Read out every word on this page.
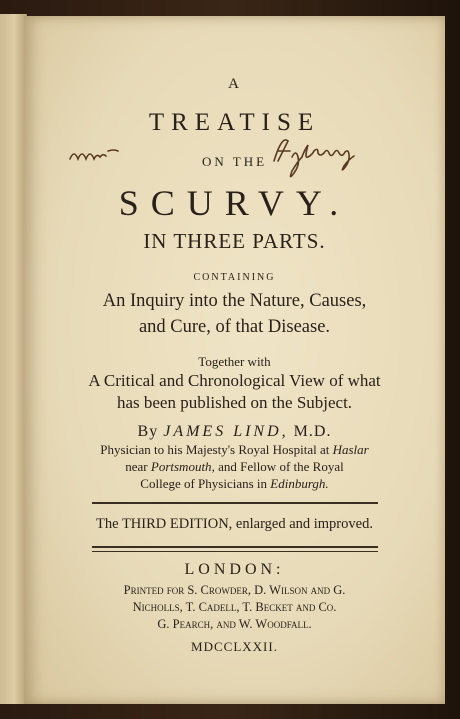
A
TREATISE
ON THE
SCURVY.
IN THREE PARTS.
CONTAINING
An Inquiry into the Nature, Causes,
and Cure, of that Disease.
Together with
A Critical and Chronological View of what
has been published on the Subject.
By JAMES LIND, M.D.
Physician to his Majesty's Royal Hospital at Haslar
near Portsmouth, and Fellow of the Royal
College of Physicians in Edinburgh.
The THIRD EDITION, enlarged and improved.
LONDON:
Printed for S. Crowder, D. Wilson and G.
Nicholls, T. Cadell, T. Becket and Co.
G. Pearch, and W. Woodfall.
MDCCLXXII.
